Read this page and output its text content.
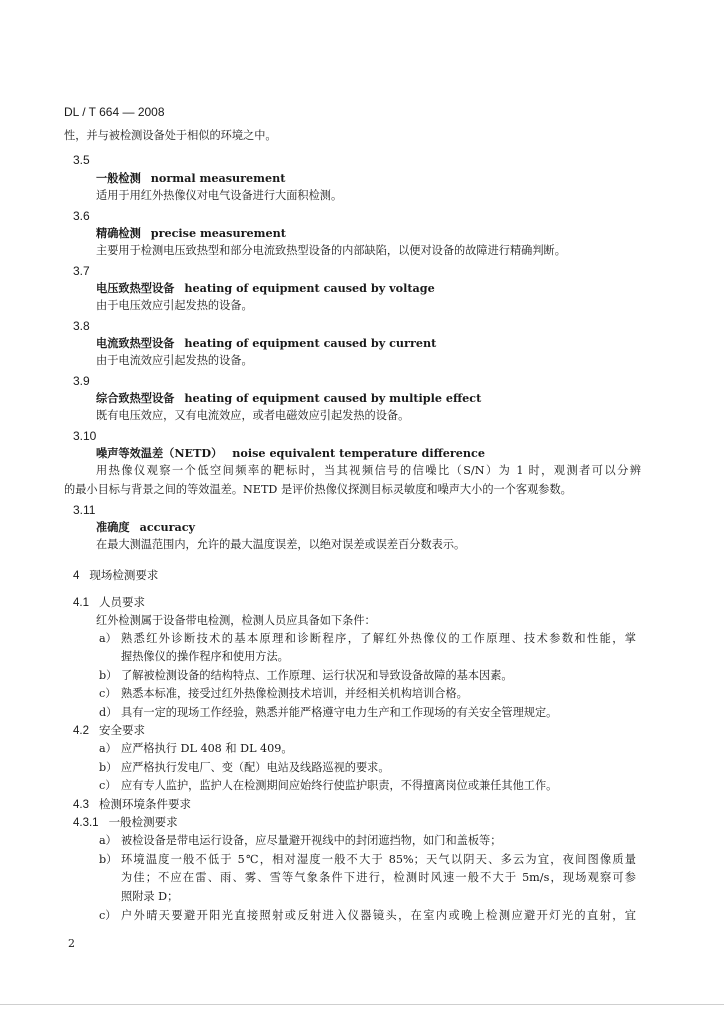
DL / T 664 — 2008
性，并与被检测设备处于相似的环境之中。
3.5
一般检测 normal measurement
适用于用红外热像仪对电气设备进行大面积检测。
3.6
精确检测 precise measurement
主要用于检测电压致热型和部分电流致热型设备的内部缺陷，以便对设备的故障进行精确判断。
3.7
电压致热型设备 heating of equipment caused by voltage
由于电压效应引起发热的设备。
3.8
电流致热型设备 heating of equipment caused by current
由于电流效应引起发热的设备。
3.9
综合致热型设备 heating of equipment caused by multiple effect
既有电压效应，又有电流效应，或者电磁效应引起发热的设备。
3.10
噪声等效温差（NETD） noise equivalent temperature difference
用热像仪观察一个低空间频率的靶标时，当其视频信号的信噪比（S/N）为 1 时，观测者可以分辨
的最小目标与背景之间的等效温差。NETD 是评价热像仪探测目标灵敏度和噪声大小的一个客观参数。
3.11
准确度 accuracy
在最大测温范围内，允许的最大温度误差，以绝对误差或误差百分数表示。
4 现场检测要求
4.1 人员要求
红外检测属于设备带电检测，检测人员应具备如下条件：
a） 熟悉红外诊断技术的基本原理和诊断程序，了解红外热像仪的工作原理、技术参数和性能，掌
握热像仪的操作程序和使用方法。
b） 了解被检测设备的结构特点、工作原理、运行状况和导致设备故障的基本因素。
c） 熟悉本标准，接受过红外热像检测技术培训，并经相关机构培训合格。
d） 具有一定的现场工作经验，熟悉并能严格遵守电力生产和工作现场的有关安全管理规定。
4.2 安全要求
a） 应严格执行 DL 408 和 DL 409。
b） 应严格执行发电厂、变（配）电站及线路巡视的要求。
c） 应有专人监护，监护人在检测期间应始终行使监护职责，不得擅离岗位或兼任其他工作。
4.3 检测环境条件要求
4.3.1 一般检测要求
a） 被检设备是带电运行设备，应尽量避开视线中的封闭遮挡物，如门和盖板等；
b） 环境温度一般不低于 5℃，相对湿度一般不大于 85%；天气以阴天、多云为宜，夜间图像质量
为佳；不应在雷、雨、雾、雪等气象条件下进行，检测时风速一般不大于 5m/s，现场观察可参
照附录 D；
c） 户外晴天要避开阳光直接照射或反射进入仪器镜头，在室内或晚上检测应避开灯光的直射，宜
2
